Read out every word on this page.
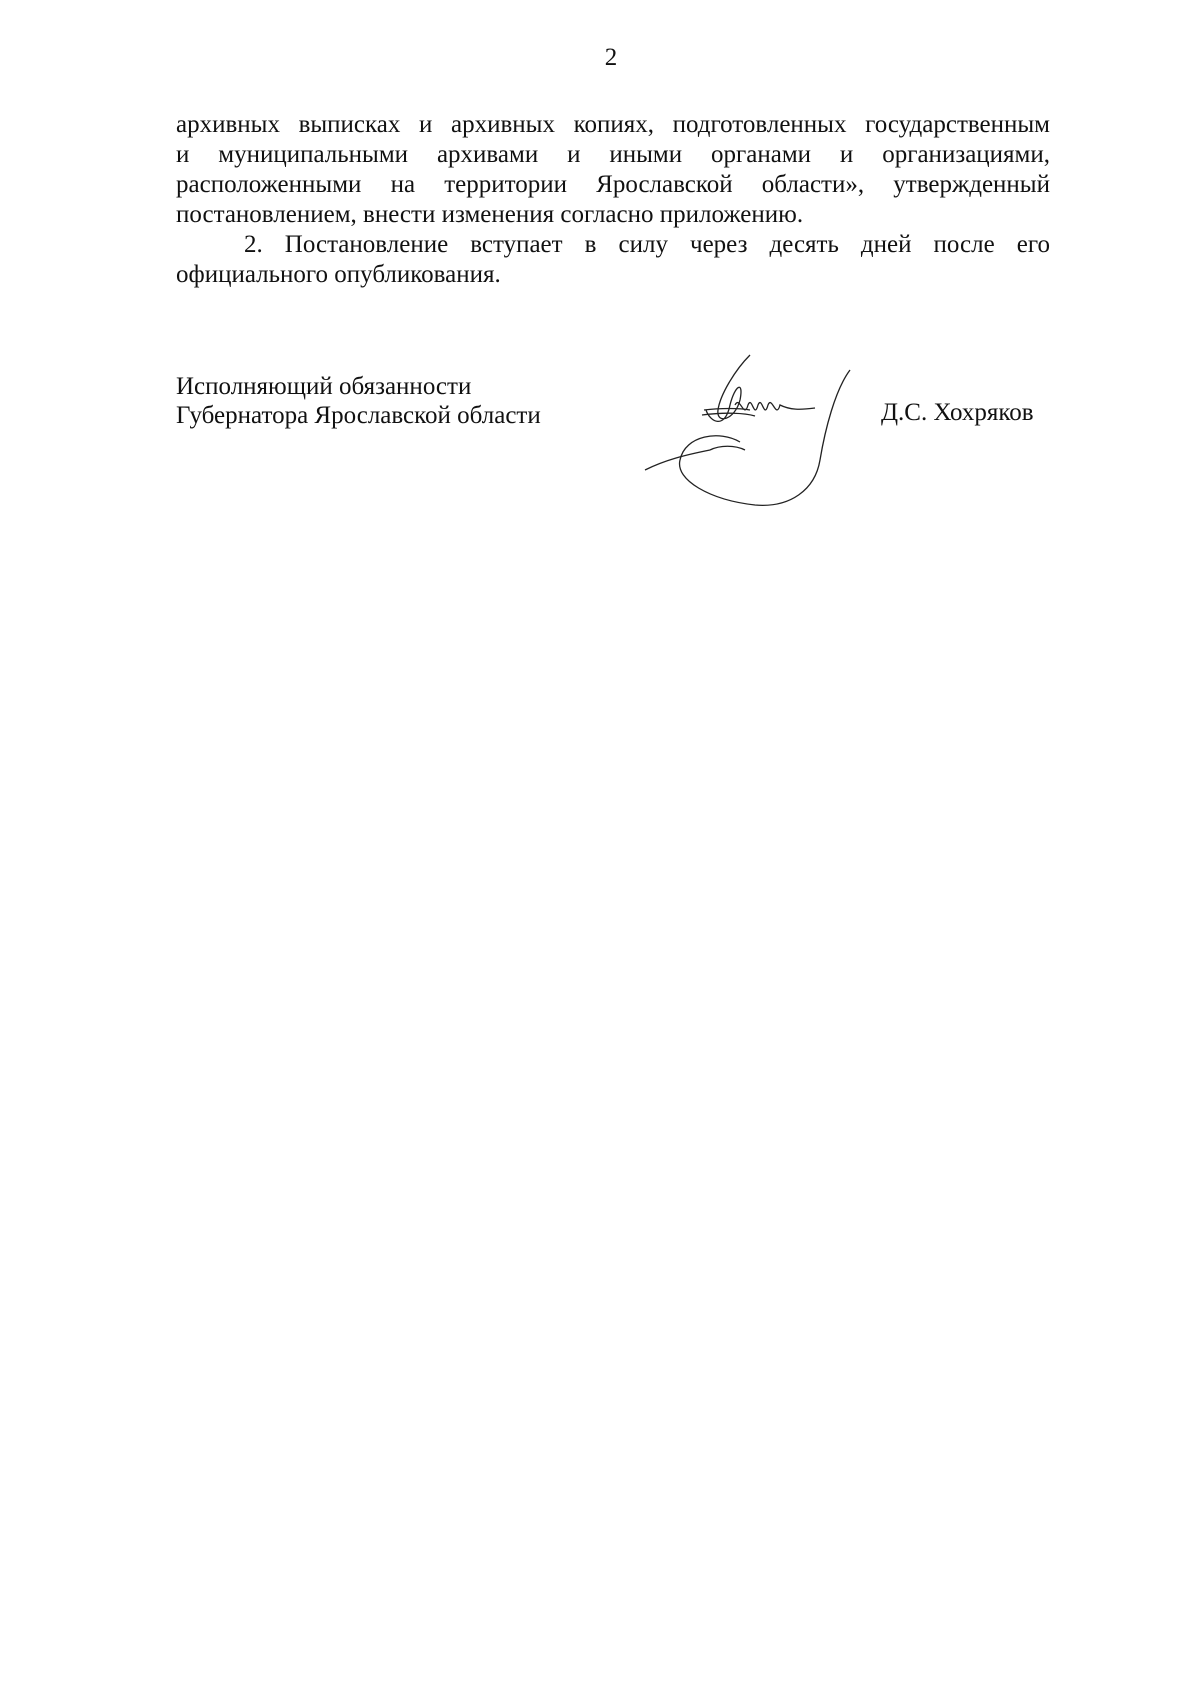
2
архивных выписках и архивных копиях, подготовленных государственным
и муниципальными архивами и иными органами и организациями,
расположенными на территории Ярославской области», утвержденный
постановлением, внести изменения согласно приложению.
2. Постановление вступает в силу через десять дней после его
официального опубликования.
Исполняющий обязанности
Губернатора Ярославской области	Д.С. Хохряков
